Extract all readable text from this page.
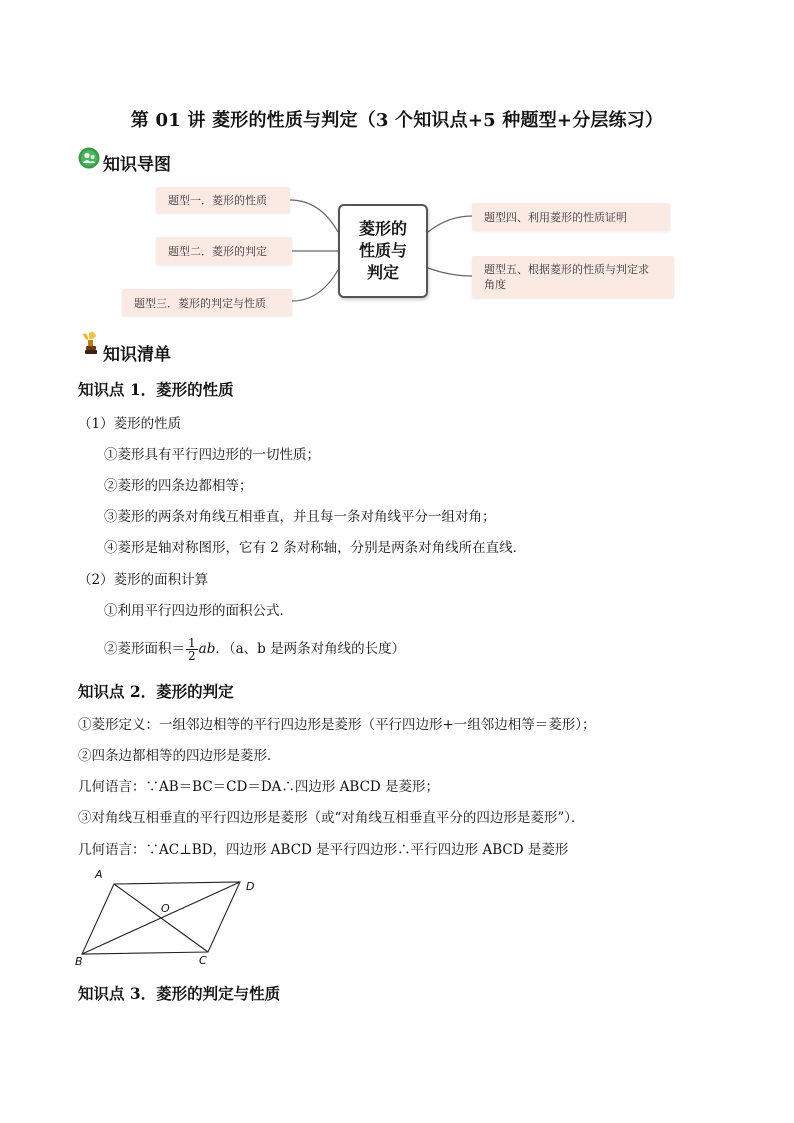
第 01 讲 菱形的性质与判定（3 个知识点+5 种题型+分层练习）
知识导图
题型一．菱形的性质
题型二．菱形的判定
题型三．菱形的判定与性质
菱形的
性质与
判定
题型四、利用菱形的性质证明
题型五、根据菱形的性质与判定求角度
知识清单
知识点 1．菱形的性质
（1）菱形的性质
①菱形具有平行四边形的一切性质；
②菱形的四条边都相等；
③菱形的两条对角线互相垂直，并且每一条对角线平分一组对角；
④菱形是轴对称图形，它有 2 条对称轴，分别是两条对角线所在直线．
（2）菱形的面积计算
①利用平行四边形的面积公式．
②菱形面积＝ $\frac{1}{2}$ ab．（a、b 是两条对角线的长度）
知识点 2．菱形的判定
①菱形定义：一组邻边相等的平行四边形是菱形（平行四边形+一组邻边相等＝菱形）；
②四条边都相等的四边形是菱形．
几何语言：∵AB＝BC＝CD＝DA∴四边形 ABCD 是菱形；
③对角线互相垂直的平行四边形是菱形（或“对角线互相垂直平分的四边形是菱形”）．
几何语言：∵AC⊥BD，四边形 ABCD 是平行四边形∴平行四边形 ABCD 是菱形
A
D
B	C
O
知识点 3．菱形的判定与性质
